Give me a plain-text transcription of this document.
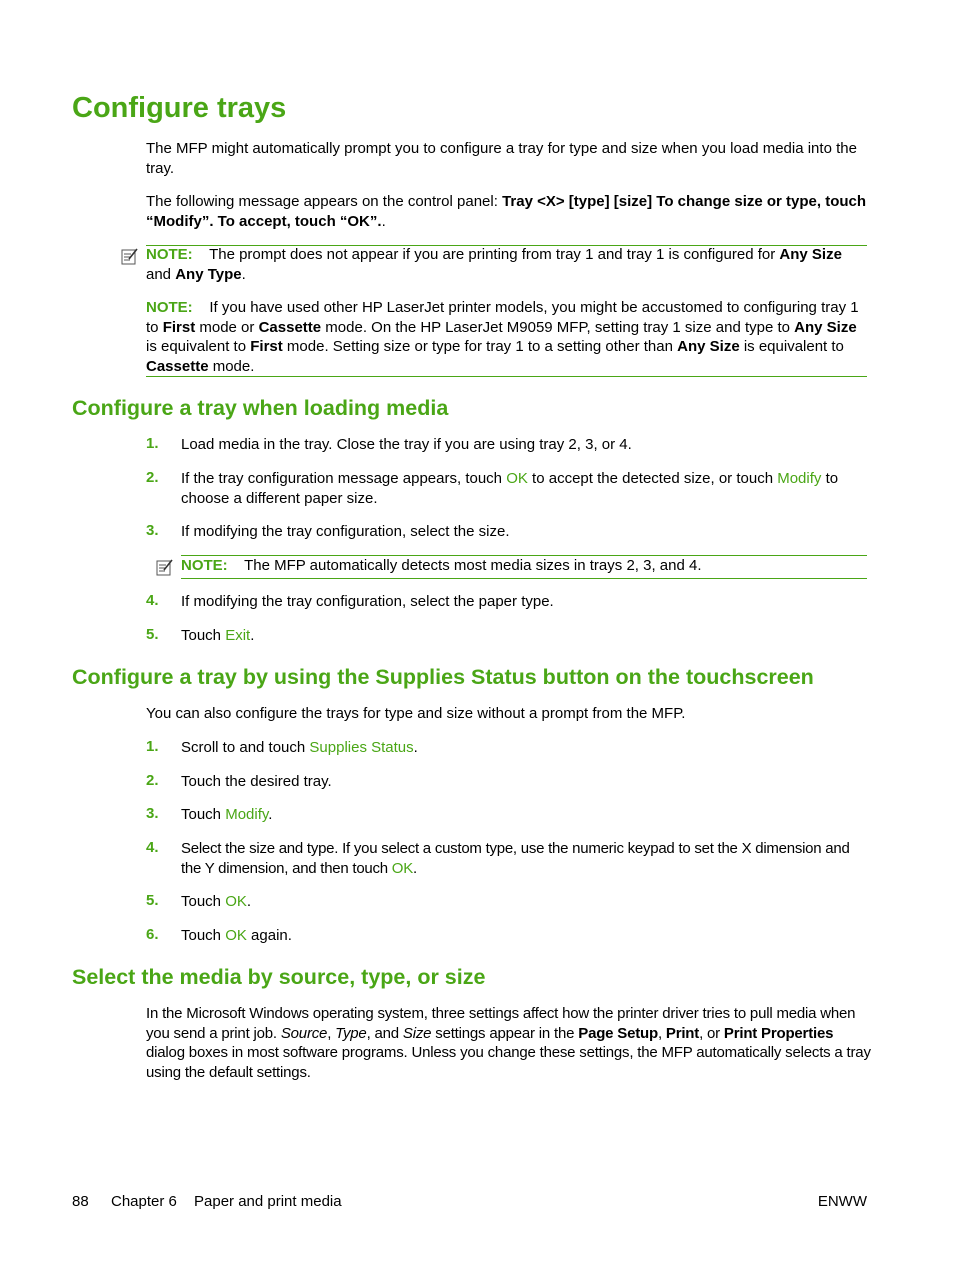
Configure trays
The MFP might automatically prompt you to configure a tray for type and size when you load media into the tray.
The following message appears on the control panel: Tray <X> [type] [size] To change size or type, touch “Modify”. To accept, touch “OK”..
NOTE: The prompt does not appear if you are printing from tray 1 and tray 1 is configured for Any Size and Any Type.
NOTE: If you have used other HP LaserJet printer models, you might be accustomed to configuring tray 1 to First mode or Cassette mode. On the HP LaserJet M9059 MFP, setting tray 1 size and type to Any Size is equivalent to First mode. Setting size or type for tray 1 to a setting other than Any Size is equivalent to Cassette mode.
Configure a tray when loading media
1. Load media in the tray. Close the tray if you are using tray 2, 3, or 4.
2. If the tray configuration message appears, touch OK to accept the detected size, or touch Modify to choose a different paper size.
3. If modifying the tray configuration, select the size.
NOTE: The MFP automatically detects most media sizes in trays 2, 3, and 4.
4. If modifying the tray configuration, select the paper type.
5. Touch Exit.
Configure a tray by using the Supplies Status button on the touchscreen
You can also configure the trays for type and size without a prompt from the MFP.
1. Scroll to and touch Supplies Status.
2. Touch the desired tray.
3. Touch Modify.
4. Select the size and type. If you select a custom type, use the numeric keypad to set the X dimension and the Y dimension, and then touch OK.
5. Touch OK.
6. Touch OK again.
Select the media by source, type, or size
In the Microsoft Windows operating system, three settings affect how the printer driver tries to pull media when you send a print job. Source, Type, and Size settings appear in the Page Setup, Print, or Print Properties dialog boxes in most software programs. Unless you change these settings, the MFP automatically selects a tray using the default settings.
88 Chapter 6 Paper and print media	ENWW
